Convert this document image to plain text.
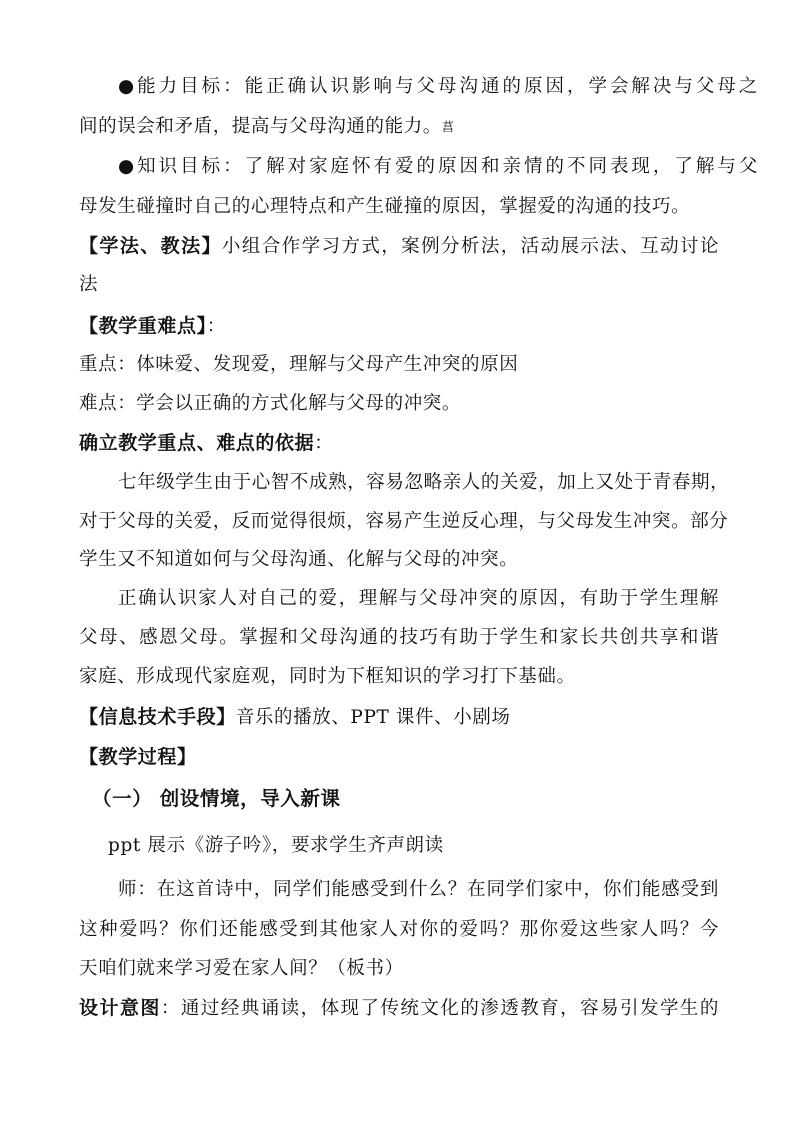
●能力目标：能正确认识影响与父母沟通的原因，学会解决与父母之
间的误会和矛盾，提高与父母沟通的能力。菖
●知识目标：了解对家庭怀有爱的原因和亲情的不同表现，了解与父
母发生碰撞时自己的心理特点和产生碰撞的原因，掌握爱的沟通的技巧。
【学法、教法】小组合作学习方式，案例分析法，活动展示法、互动讨论
法
【教学重难点】：
重点：体味爱、发现爱，理解与父母产生冲突的原因
难点：学会以正确的方式化解与父母的冲突。
确立教学重点、难点的依据：
七年级学生由于心智不成熟，容易忽略亲人的关爱，加上又处于青春期，
对于父母的关爱，反而觉得很烦，容易产生逆反心理，与父母发生冲突。部分
学生又不知道如何与父母沟通、化解与父母的冲突。
正确认识家人对自己的爱，理解与父母冲突的原因，有助于学生理解
父母、感恩父母。掌握和父母沟通的技巧有助于学生和家长共创共享和谐
家庭、形成现代家庭观，同时为下框知识的学习打下基础。
【信息技术手段】音乐的播放、PPT 课件、小剧场
【教学过程】
（一） 创设情境，导入新课
ppt 展示《游子吟》，要求学生齐声朗读
师：在这首诗中，同学们能感受到什么？在同学们家中，你们能感受到
这种爱吗？你们还能感受到其他家人对你的爱吗？那你爱这些家人吗？今
天咱们就来学习爱在家人间？（板书）
设计意图：通过经典诵读，体现了传统文化的渗透教育，容易引发学生的
